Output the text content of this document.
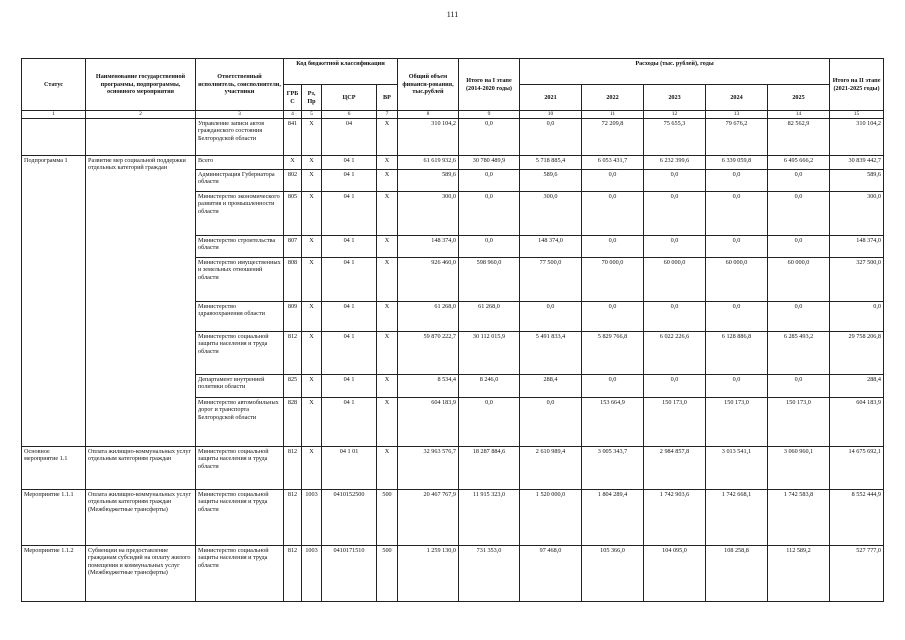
111
Статус	Наименование государственной программы, подпрограммы, основного мероприятия	Ответственный исполнитель, соисполнители, участники	Код бюджетной классификации				Общий объем финанси-рования, тыс.рублей	Итого на I этапе (2014-2020 годы)	Расходы (тыс. рублей), годы					Итого на II этапе (2021-2025 годы)
			ГРБ С	Рз, Пр	ЦСР	ВР			2021	2022	2023	2024	2025	
1	2	3	4	5	6	7	8	9	10	11	12	13	14	15
		Управление записи актов гражданского состояния Белгородской области	841	Х	04	Х	310 104,2	0,0	0,0	72 209,8	75 655,3	79 676,2	82 562,9	310 104,2
Подпрограмма 1	Развитие мер социальной поддержки отдельных категорий граждан	Всего	Х	Х	04 1	Х	61 619 932,6	30 780 489,9	5 718 885,4	6 053 431,7	6 232 399,6	6 339 059,8	6 495 666,2	30 839 442,7
		Администрация Губернатора области	802	Х	04 1	Х	589,6	0,0	589,6	0,0	0,0	0,0	0,0	589,6
		Министерство экономического развития и промышленности области	805	Х	04 1	Х	300,0	0,0	300,0	0,0	0,0	0,0	0,0	300,0
		Министерство строительства области	807	Х	04 1	Х	148 374,0	0,0	148 374,0	0,0	0,0	0,0	0,0	148 374,0
		Министерство имущественных и земельных отношений области	808	Х	04 1	Х	926 460,0	598 960,0	77 500,0	70 000,0	60 000,0	60 000,0	60 000,0	327 500,0
		Министерство здравоохранения области	809	Х	04 1	Х	61 268,0	61 268,0	0,0	0,0	0,0	0,0	0,0	0,0
		Министерство социальной защиты населения и труда области	812	Х	04 1	Х	59 870 222,7	30 112 015,9	5 491 833,4	5 829 766,8	6 022 226,6	6 128 886,8	6 285 493,2	29 758 206,8
		Департамент внутренней политики области	825	Х	04 1	Х	8 534,4	8 246,0	288,4	0,0	0,0	0,0	0,0	288,4
		Министерство автомобильных дорог и транспорта Белгородской области	828	Х	04 1	Х	604 183,9	0,0	0,0	153 664,9	150 173,0	150 173,0	150 173,0	604 183,9
Основное мероприятие 1.1	Оплата жилищно-коммунальных услуг отдельным категориям граждан	Министерство социальной защиты населения и труда области	812	Х	04 1 01	Х	32 963 576,7	18 287 884,6	2 610 989,4	3 005 343,7	2 984 857,8	3 013 541,1	3 060 960,1	14 675 692,1
Мероприятие 1.1.1	Оплата жилищно-коммунальных услуг отдельным категориям граждан (Межбюджетные трансферты)	Министерство социальной защиты населения и труда области	812	1003	0410152500	500	20 467 767,9	11 915 323,0	1 520 000,0	1 804 289,4	1 742 903,6	1 742 668,1	1 742 583,8	8 552 444,9
Мероприятие 1.1.2	Субвенции на предоставление гражданам субсидий на оплату жилого помещения и коммунальных услуг (Межбюджетные трансферты)	Министерство социальной защиты населения и труда области	812	1003	0410171510	500	1 259 130,0	731 353,0	97 468,0	105 366,0	104 095,0	108 258,8	112 589,2	527 777,0
